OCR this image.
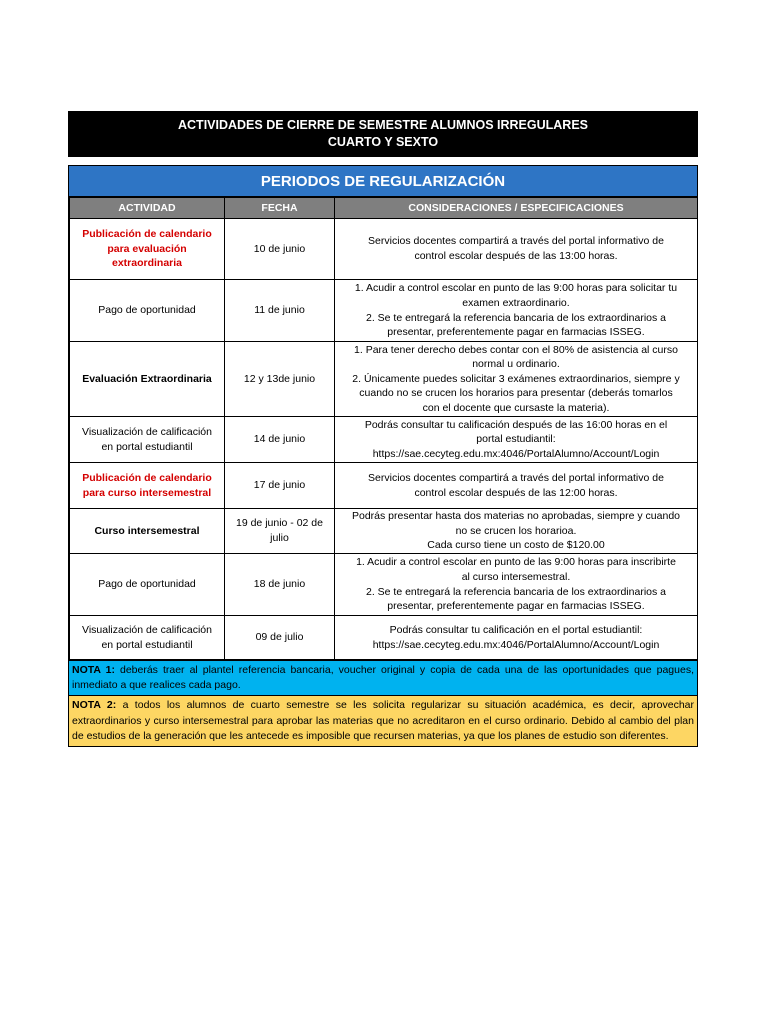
ACTIVIDADES DE CIERRE DE SEMESTRE ALUMNOS IRREGULARES
CUARTO Y SEXTO
PERIODOS DE REGULARIZACIÓN
ACTIVIDAD	FECHA	CONSIDERACIONES / ESPECIFICACIONES

Publicación de calendario
para evaluación
extraordinaria	10 de junio	Servicios docentes compartirá a través del portal informativo de
control escolar después de las 13:00 horas.

Pago de oportunidad	11 de junio	1. Acudir a control escolar en punto de las 9:00 horas para solicitar tu
examen extraordinario.
2. Se te entregará la referencia bancaria de los extraordinarios a
presentar, preferentemente pagar en farmacias ISSEG.

Evaluación Extraordinaria	12 y 13de junio	1. Para tener derecho debes contar con el 80% de asistencia al curso
normal u ordinario.
2. Únicamente puedes solicitar 3 exámenes extraordinarios, siempre y
cuando no se crucen los horarios para presentar (deberás tomarlos
con el docente que cursaste la materia).

Visualización de calificación
en portal estudiantil	14 de junio	Podrás consultar tu calificación después de las 16:00 horas en el
portal estudiantil:
https://sae.cecyteg.edu.mx:4046/PortalAlumno/Account/Login

Publicación de calendario
para curso intersemestral	17 de junio	Servicios docentes compartirá a través del portal informativo de
control escolar después de las 12:00 horas.

Curso intersemestral	19 de junio - 02 de
julio	Podrás presentar hasta dos materias no aprobadas, siempre y cuando
no se crucen los horarioa.
Cada curso tiene un costo de $120.00

Pago de oportunidad	18 de junio	1. Acudir a control escolar en punto de las 9:00 horas para inscribirte
al curso intersemestral.
2. Se te entregará la referencia bancaria de los extraordinarios a
presentar, preferentemente pagar en farmacias ISSEG.

Visualización de calificación
en portal estudiantil	09 de julio	Podrás consultar tu calificación en el portal estudiantil:
https://sae.cecyteg.edu.mx:4046/PortalAlumno/Account/Login
NOTA 1: deberás traer al plantel referencia bancaria, voucher original y copia de cada una de las oportunidades que pagues, inmediato a que realices cada pago.
NOTA 2: a todos los alumnos de cuarto semestre se les solicita regularizar su situación académica, es decir, aprovechar extraordinarios y curso intersemestral para aprobar las materias que no acreditaron en el curso ordinario. Debido al cambio del plan de estudios de la generación que les antecede es imposible que recursen materias, ya que los planes de estudio son diferentes.
